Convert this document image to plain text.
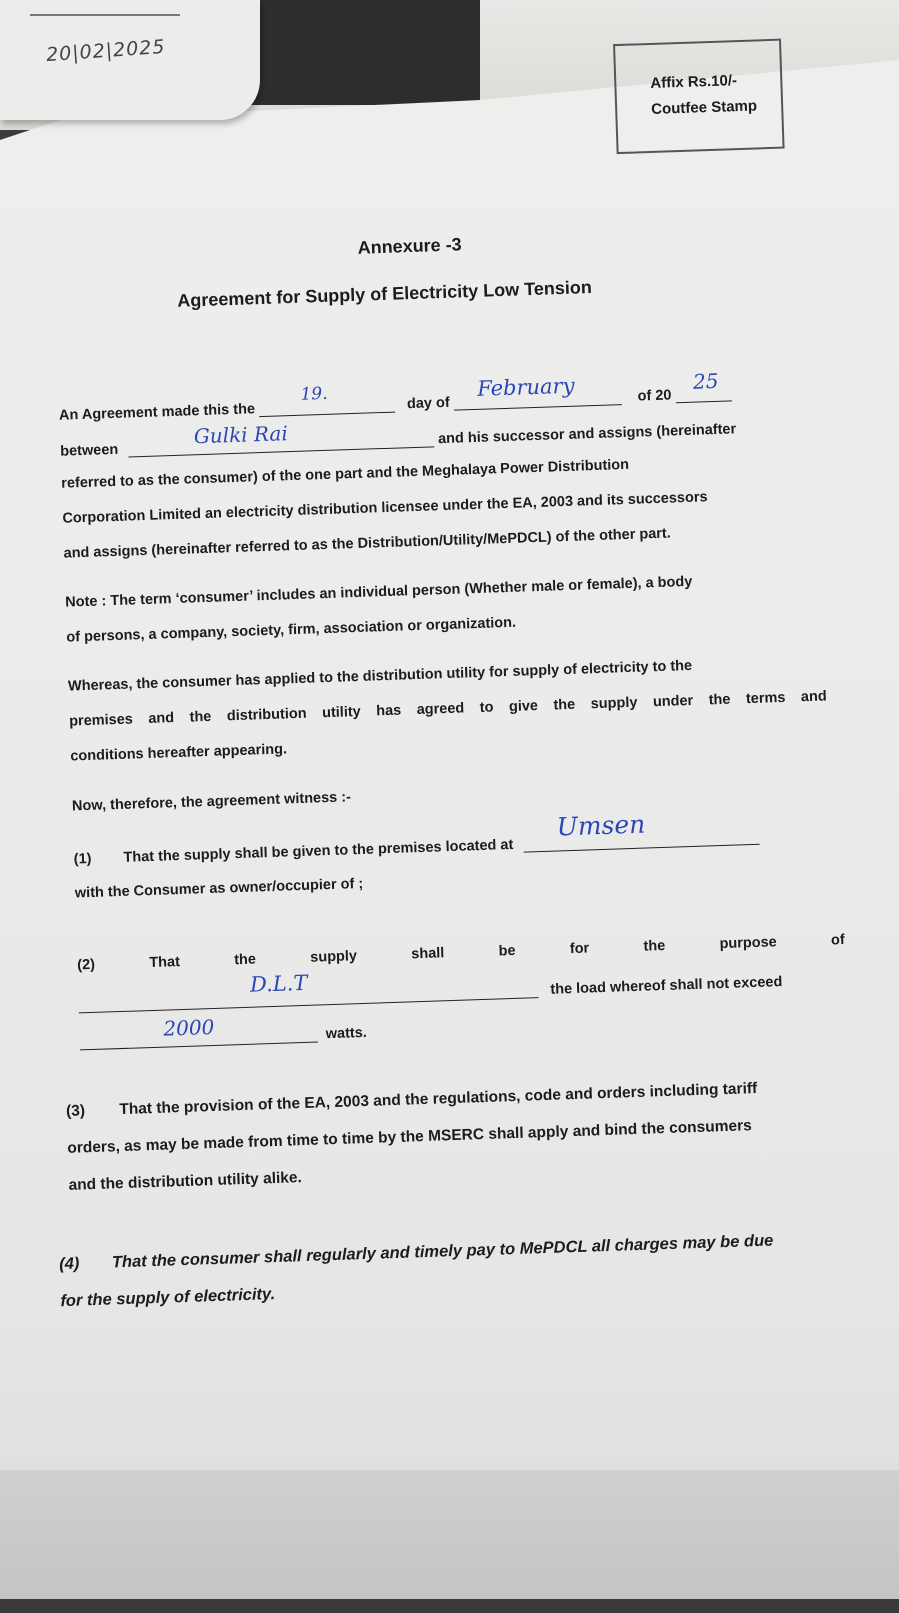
20|02|2025
Affix Rs.10/-
Coutfee Stamp
Annexure -3
Agreement for Supply of Electricity Low Tension
An Agreement made this the
19.	day of
February	of 20
25
between
Gulki Rai	and his successor and assigns (hereinafter
referred to as the consumer) of the one part and the Meghalaya Power Distribution
Corporation Limited an electricity distribution licensee under the EA, 2003 and its successors
and assigns (hereinafter referred to as the Distribution/Utility/MePDCL) of the other part.
Note : The term ‘consumer’ includes an individual person (Whether male or female), a body
of persons, a company, society, firm, association or organization.
Whereas, the consumer has applied to the distribution utility for supply of electricity to the
premises and the distribution utility has agreed to give the supply under the terms and
conditions hereafter appearing.
Now, therefore, the agreement witness :-
(1) That the supply shall be given to the premises located at
Umsen
with the Consumer as owner/occupier of ;
(2)	That	the	supply	shall	be	for	the	purpose	of
D.L.T	the load whereof shall not exceed
2000	watts.
(3) That the provision of the EA, 2003 and the regulations, code and orders including tariff
orders, as may be made from time to time by the MSERC shall apply and bind the consumers
and the distribution utility alike.
(4) That the consumer shall regularly and timely pay to MePDCL all charges may be due
for the supply of electricity.
